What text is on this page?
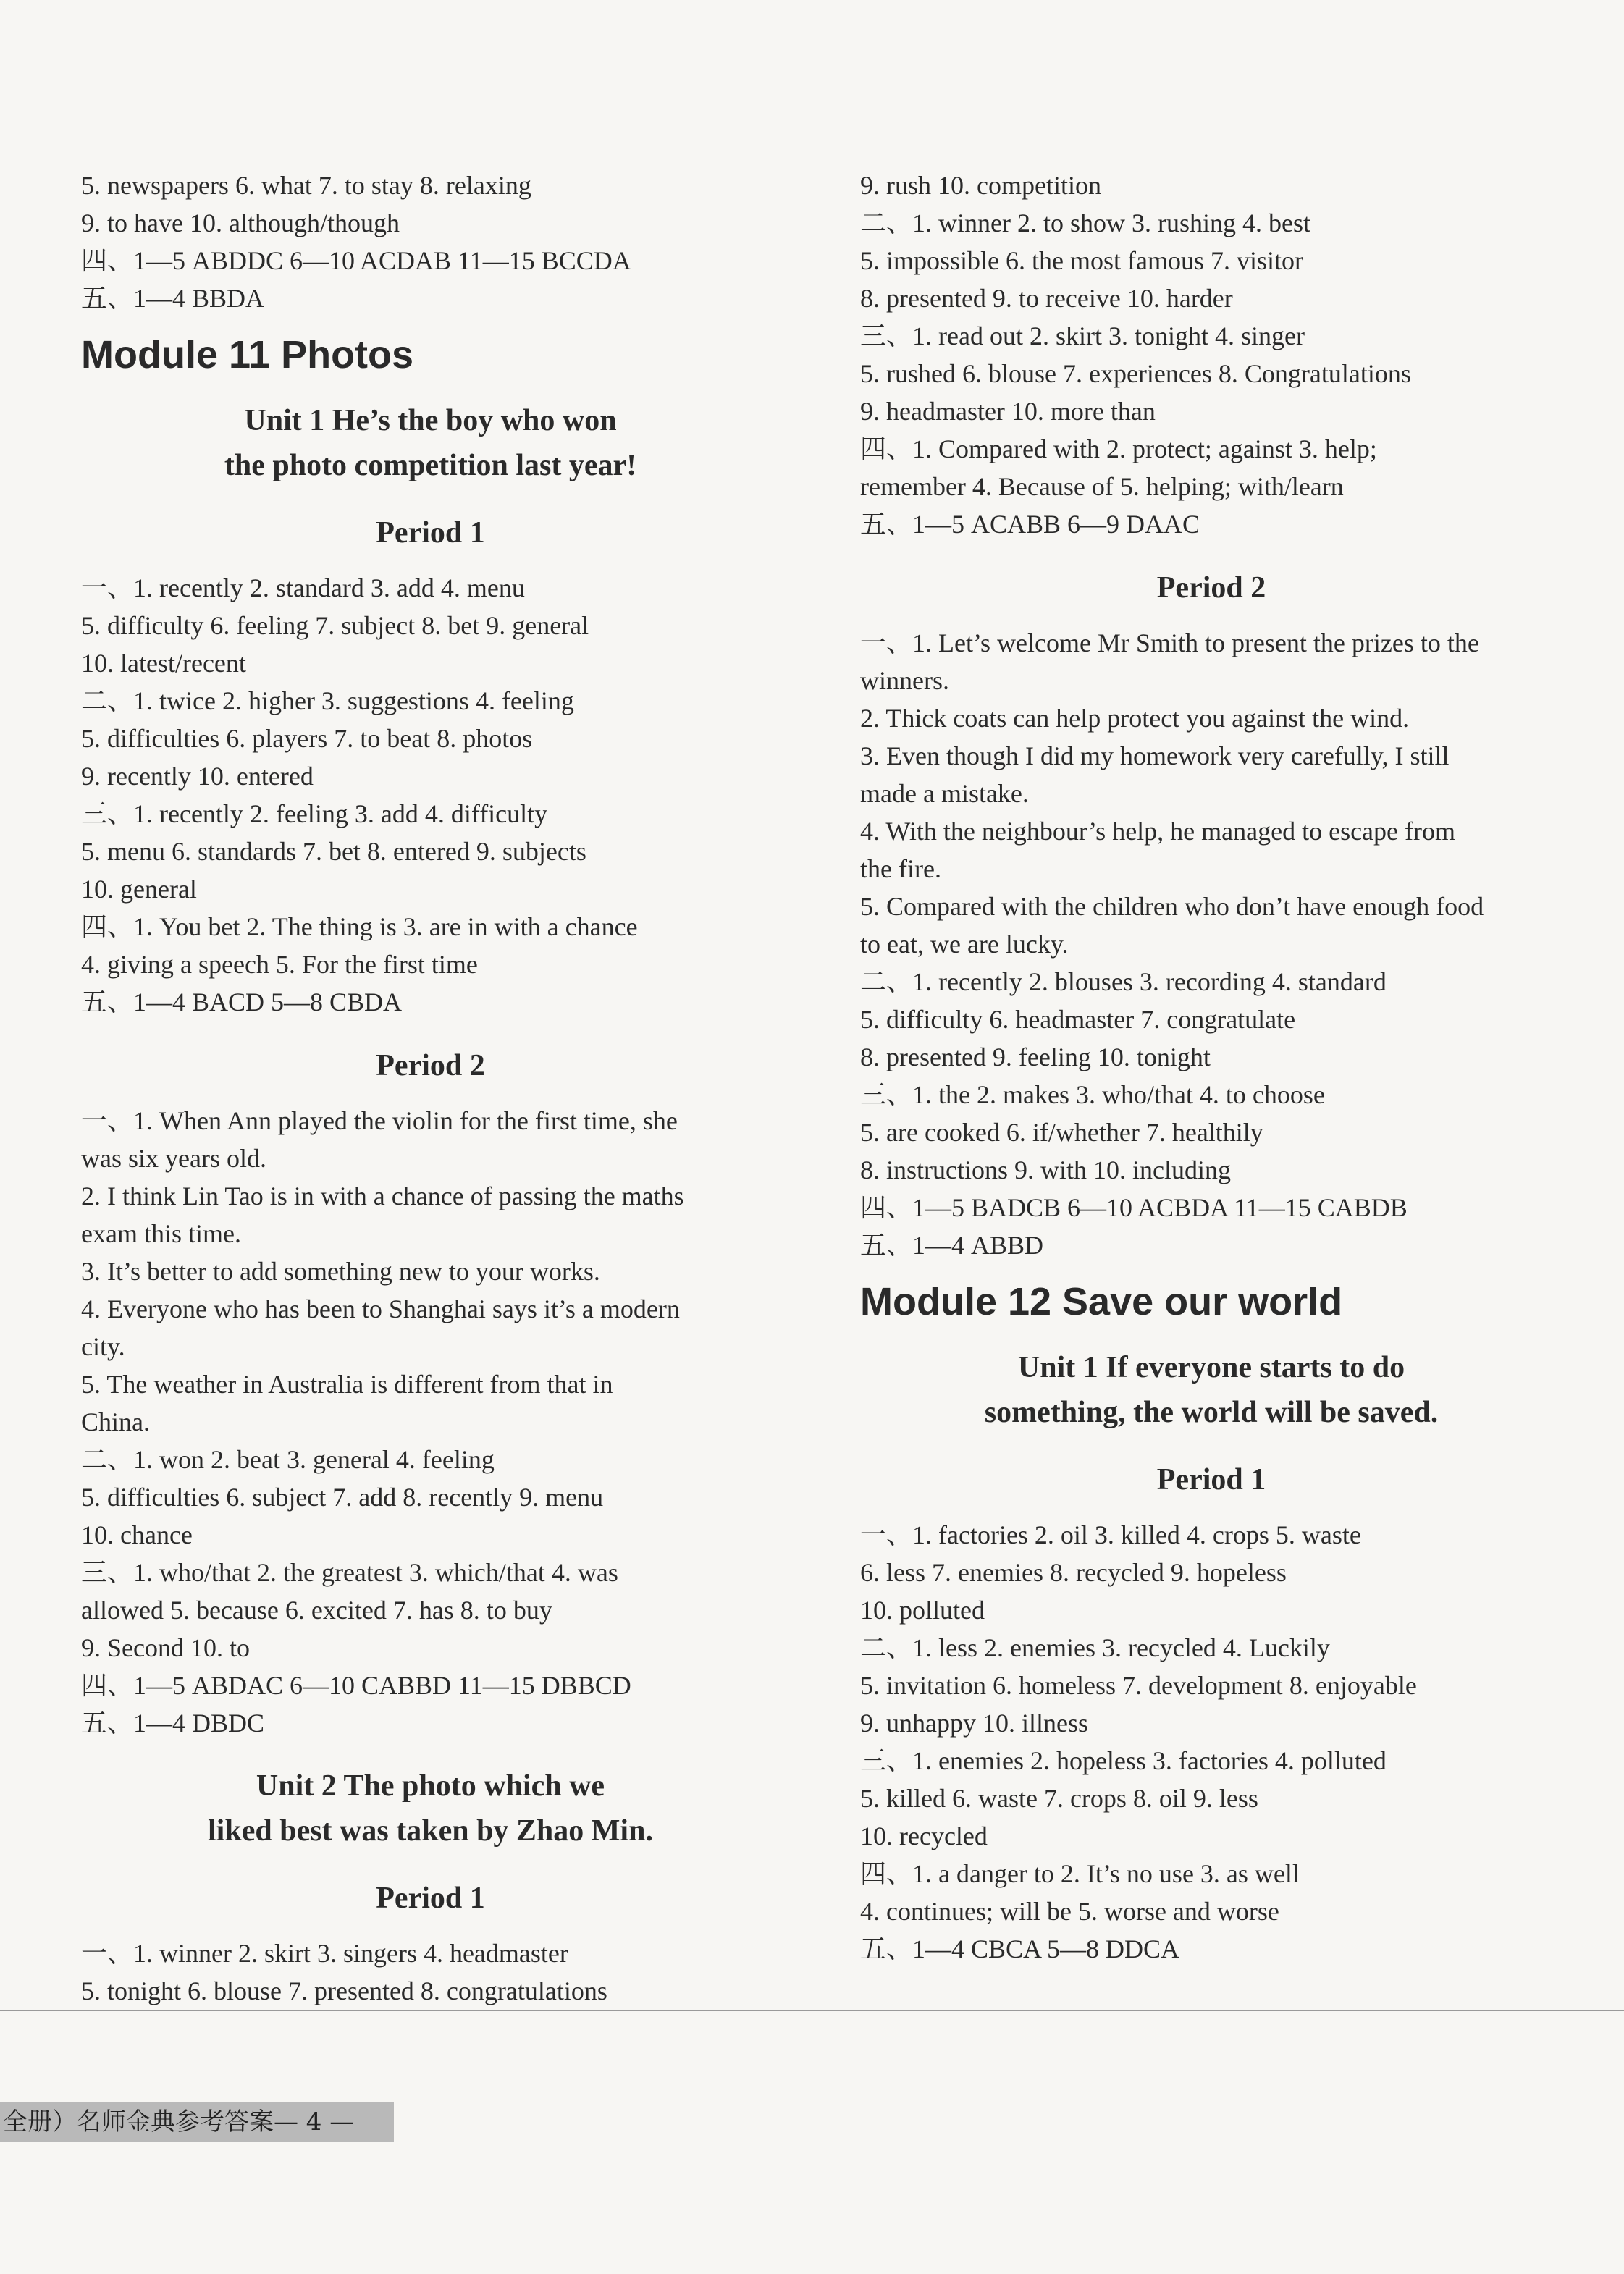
5. newspapers 6. what 7. to stay 8. relaxing
9. to have 10. although/though
四、1—5 ABDDC 6—10 ACDAB 11—15 BCCDA
五、1—4 BBDA
Module 11 Photos
Unit 1 He’s the boy who won
the photo competition last year!
Period 1
一、1. recently 2. standard 3. add 4. menu
5. difficulty 6. feeling 7. subject 8. bet 9. general
10. latest/recent
二、1. twice 2. higher 3. suggestions 4. feeling
5. difficulties 6. players 7. to beat 8. photos
9. recently 10. entered
三、1. recently 2. feeling 3. add 4. difficulty
5. menu 6. standards 7. bet 8. entered 9. subjects
10. general
四、1. You bet 2. The thing is 3. are in with a chance
4. giving a speech 5. For the first time
五、1—4 BACD 5—8 CBDA
Period 2
一、1. When Ann played the violin for the first time, she
was six years old.
2. I think Lin Tao is in with a chance of passing the maths
exam this time.
3. It’s better to add something new to your works.
4. Everyone who has been to Shanghai says it’s a modern
city.
5. The weather in Australia is different from that in
China.
二、1. won 2. beat 3. general 4. feeling
5. difficulties 6. subject 7. add 8. recently 9. menu
10. chance
三、1. who/that 2. the greatest 3. which/that 4. was
allowed 5. because 6. excited 7. has 8. to buy
9. Second 10. to
四、1—5 ABDAC 6—10 CABBD 11—15 DBBCD
五、1—4 DBDC
Unit 2 The photo which we
liked best was taken by Zhao Min.
Period 1
一、1. winner 2. skirt 3. singers 4. headmaster
5. tonight 6. blouse 7. presented 8. congratulations
9. rush 10. competition
二、1. winner 2. to show 3. rushing 4. best
5. impossible 6. the most famous 7. visitor
8. presented 9. to receive 10. harder
三、1. read out 2. skirt 3. tonight 4. singer
5. rushed 6. blouse 7. experiences 8. Congratulations
9. headmaster 10. more than
四、1. Compared with 2. protect; against 3. help;
remember 4. Because of 5. helping; with/learn
五、1—5 ACABB 6—9 DAAC
Period 2
一、1. Let’s welcome Mr Smith to present the prizes to the
winners.
2. Thick coats can help protect you against the wind.
3. Even though I did my homework very carefully, I still
made a mistake.
4. With the neighbour’s help, he managed to escape from
the fire.
5. Compared with the children who don’t have enough food
to eat, we are lucky.
二、1. recently 2. blouses 3. recording 4. standard
5. difficulty 6. headmaster 7. congratulate
8. presented 9. feeling 10. tonight
三、1. the 2. makes 3. who/that 4. to choose
5. are cooked 6. if/whether 7. healthily
8. instructions 9. with 10. including
四、1—5 BADCB 6—10 ACBDA 11—15 CABDB
五、1—4 ABBD
Module 12 Save our world
Unit 1 If everyone starts to do
something, the world will be saved.
Period 1
一、1. factories 2. oil 3. killed 4. crops 5. waste
6. less 7. enemies 8. recycled 9. hopeless
10. polluted
二、1. less 2. enemies 3. recycled 4. Luckily
5. invitation 6. homeless 7. development 8. enjoyable
9. unhappy 10. illness
三、1. enemies 2. hopeless 3. factories 4. polluted
5. killed 6. waste 7. crops 8. oil 9. less
10. recycled
四、1. a danger to 2. It’s no use 3. as well
4. continues; will be 5. worse and worse
五、1—4 CBCA 5—8 DDCA
全册）名师金典参考答案— 4 —
